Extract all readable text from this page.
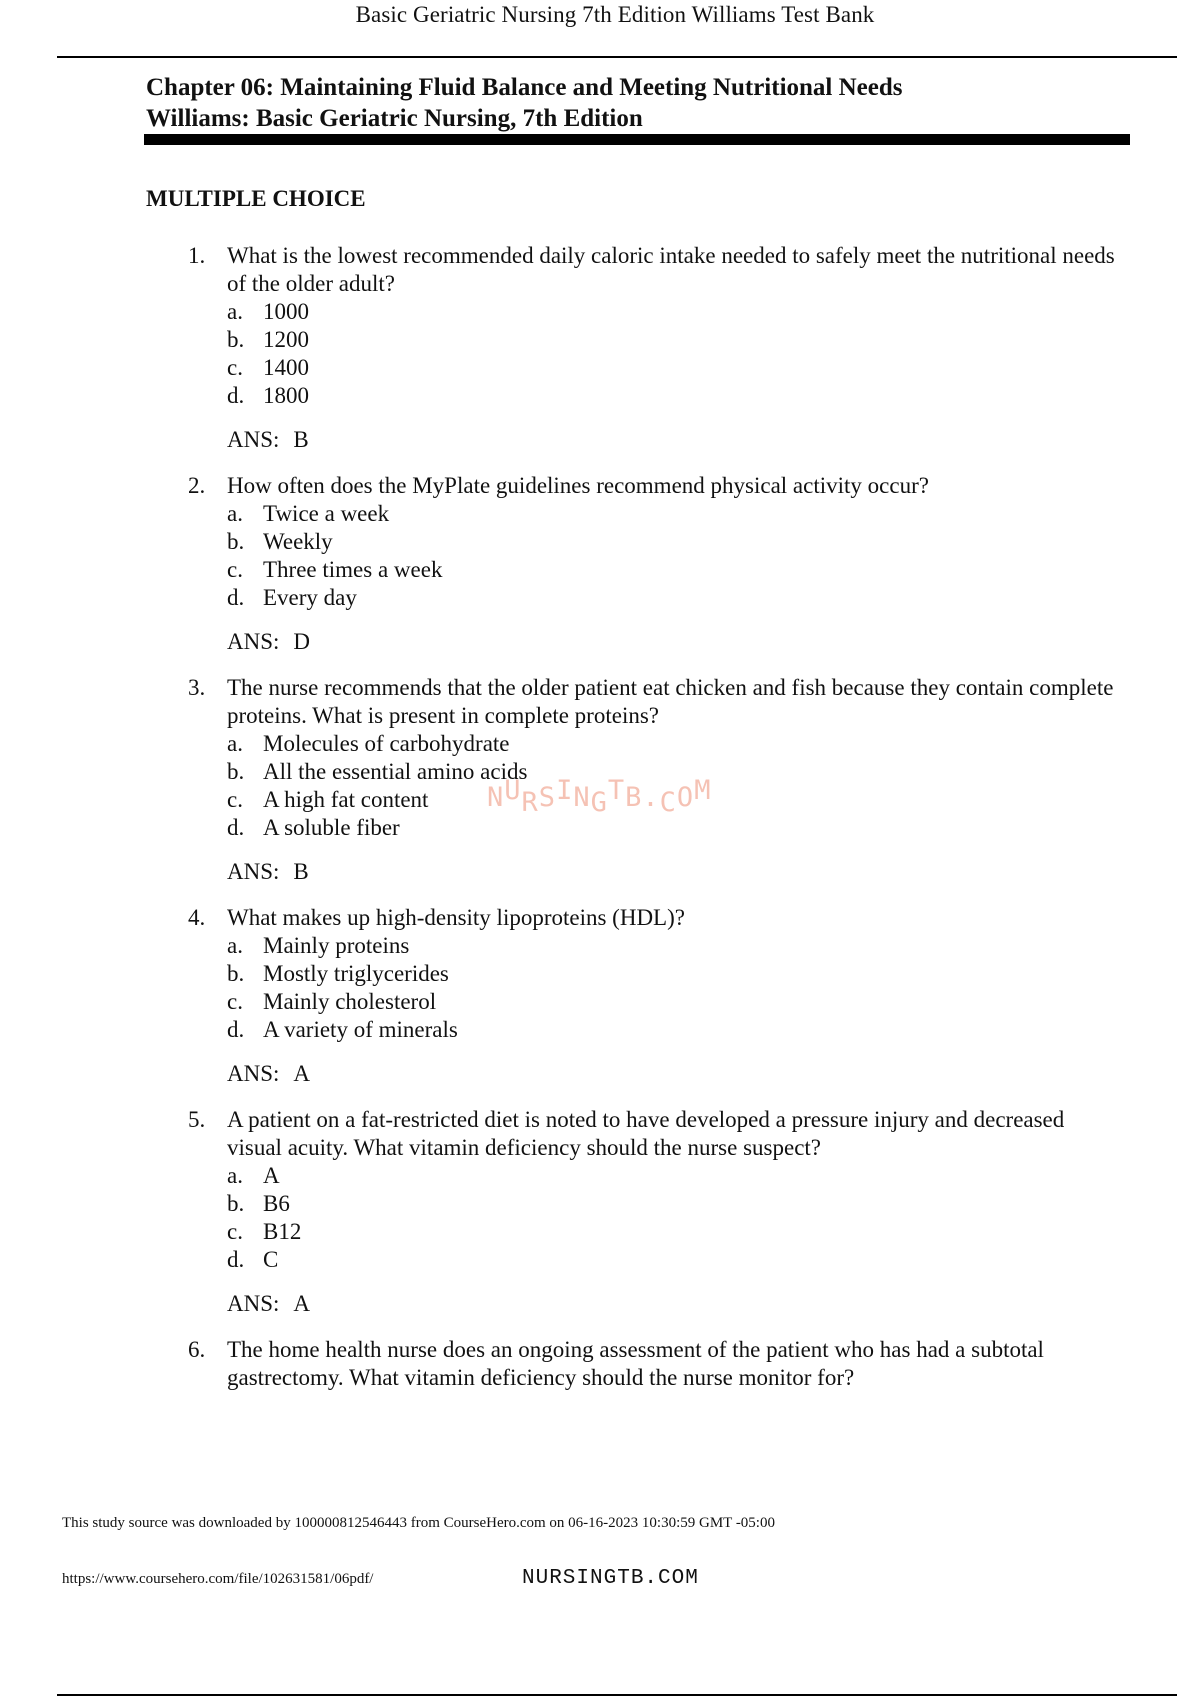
Basic Geriatric Nursing 7th Edition Williams Test Bank
Chapter 06: Maintaining Fluid Balance and Meeting Nutritional Needs
Williams: Basic Geriatric Nursing, 7th Edition
MULTIPLE CHOICE
1. What is the lowest recommended daily caloric intake needed to safely meet the nutritional needs of the older adult?
a. 1000
b. 1200
c. 1400
d. 1800
ANS: B
2. How often does the MyPlate guidelines recommend physical activity occur?
a. Twice a week
b. Weekly
c. Three times a week
d. Every day
ANS: D
3. The nurse recommends that the older patient eat chicken and fish because they contain complete proteins. What is present in complete proteins?
a. Molecules of carbohydrate
b. All the essential amino acids
c. A high fat content
d. A soluble fiber
ANS: B
4. What makes up high-density lipoproteins (HDL)?
a. Mainly proteins
b. Mostly triglycerides
c. Mainly cholesterol
d. A variety of minerals
ANS: A
5. A patient on a fat-restricted diet is noted to have developed a pressure injury and decreased visual acuity. What vitamin deficiency should the nurse suspect?
a. A
b. B6
c. B12
d. C
ANS: A
6. The home health nurse does an ongoing assessment of the patient who has had a subtotal gastrectomy. What vitamin deficiency should the nurse monitor for?
NURSINGTB.COM
This study source was downloaded by 100000812546443 from CourseHero.com on 06-16-2023 10:30:59 GMT -05:00
https://www.coursehero.com/file/102631581/06pdf/	NURSINGTB.COM
